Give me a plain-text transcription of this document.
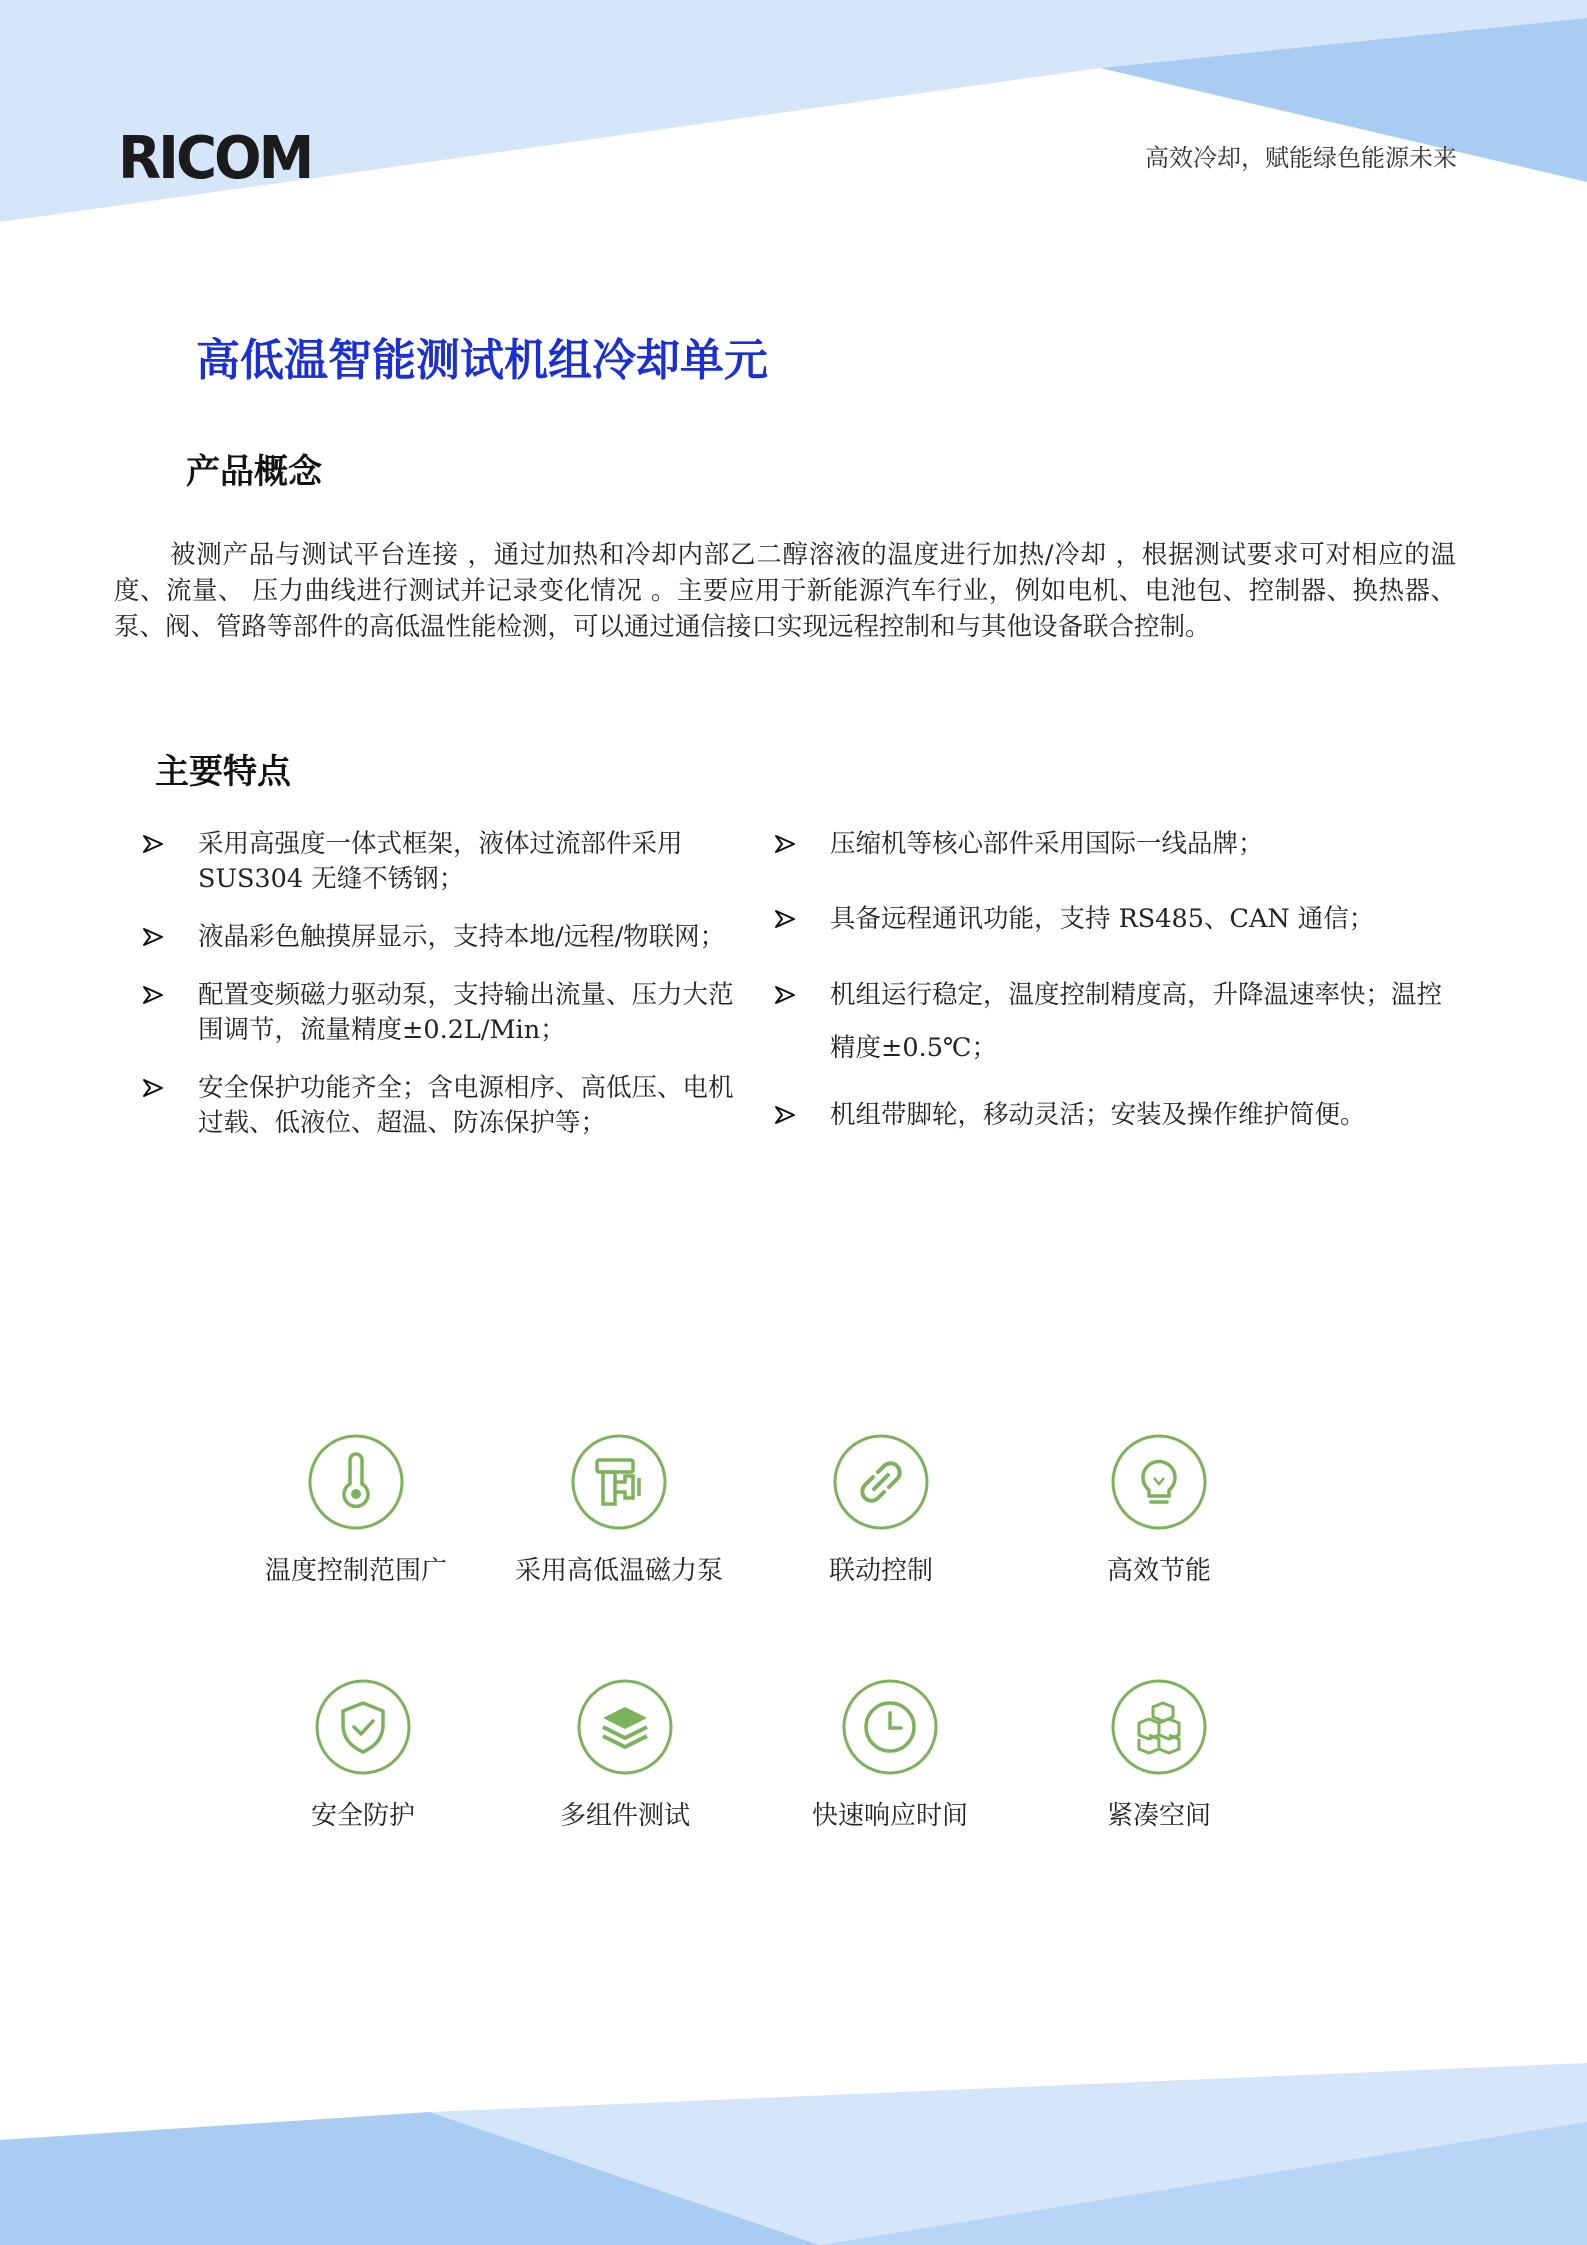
RICOM	高效冷却，赋能绿色能源未来
高低温智能测试机组冷却单元
产品概念

被测产品与测试平台连接 ，通过加热和冷却内部乙二醇溶液的温度进行加热/冷却 ，根据测试要求可对相应的温度、流量、 压力曲线进行测试并记录变化情况 。主要应用于新能源汽车行业，例如电机、电池包、控制器、换热器、泵、阀、管路等部件的高低温性能检测，可以通过通信接口实现远程控制和与其他设备联合控制。

主要特点
采用高强度一体式框架，液体过流部件采用 SUS304 无缝不锈钢；
液晶彩色触摸屏显示，支持本地/远程/物联网；
配置变频磁力驱动泵，支持输出流量、压力大范围调节，流量精度±0.2L/Min；
安全保护功能齐全；含电源相序、高低压、电机过载、低液位、超温、防冻保护等；
压缩机等核心部件采用国际一线品牌；
具备远程通讯功能，支持 RS485、CAN 通信；
机组运行稳定，温度控制精度高，升降温速率快；温控精度±0.5℃；
机组带脚轮，移动灵活；安装及操作维护简便。
温度控制范围广	采用高低温磁力泵	联动控制	高效节能
安全防护	多组件测试	快速响应时间	紧凑空间
